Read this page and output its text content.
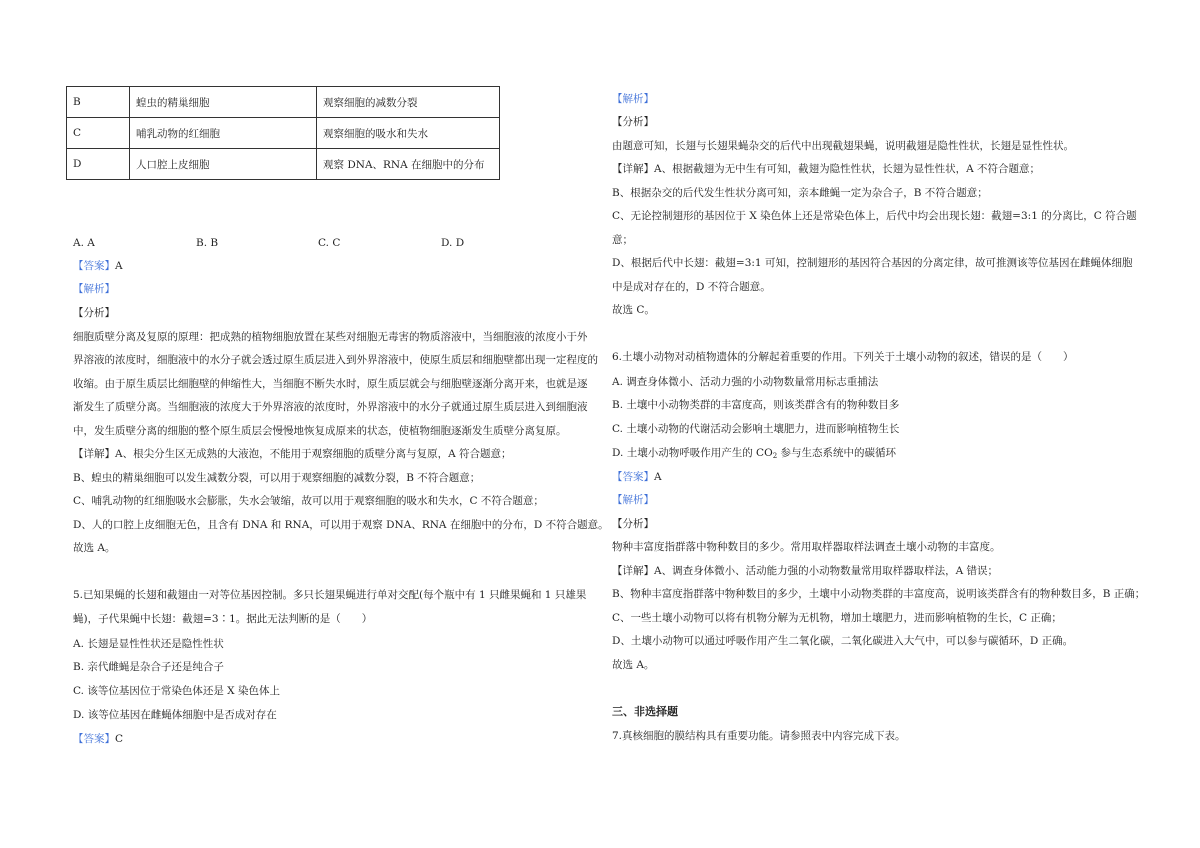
B	蝗虫的精巢细胞	观察细胞的减数分裂
C	哺乳动物的红细胞	观察细胞的吸水和失水
D	人口腔上皮细胞	观察 DNA、RNA 在细胞中的分布
A. A	B. B	C. C	D. D
【答案】A
【解析】
【分析】
细胞质壁分离及复原的原理：把成熟的植物细胞放置在某些对细胞无毒害的物质溶液中，当细胞液的浓度小于外
界溶液的浓度时，细胞液中的水分子就会透过原生质层进入到外界溶液中，使原生质层和细胞壁都出现一定程度的
收缩。由于原生质层比细胞壁的伸缩性大，当细胞不断失水时，原生质层就会与细胞壁逐渐分离开来，也就是逐
渐发生了质壁分离。当细胞液的浓度大于外界溶液的浓度时，外界溶液中的水分子就通过原生质层进入到细胞液
中，发生质壁分离的细胞的整个原生质层会慢慢地恢复成原来的状态，使植物细胞逐渐发生质壁分离复原。
【详解】A、根尖分生区无成熟的大液泡，不能用于观察细胞的质壁分离与复原，A 符合题意；
B、蝗虫的精巢细胞可以发生减数分裂，可以用于观察细胞的减数分裂，B 不符合题意；
C、哺乳动物的红细胞吸水会膨胀，失水会皱缩，故可以用于观察细胞的吸水和失水，C 不符合题意；
D、人的口腔上皮细胞无色，且含有 DNA 和 RNA，可以用于观察 DNA、RNA 在细胞中的分布，D 不符合题意。
故选 A。
5.已知果蝇的长翅和截翅由一对等位基因控制。多只长翅果蝇进行单对交配(每个瓶中有 1 只雌果蝇和 1 只雄果
蝇)，子代果蝇中长翅：截翅=3∶1。据此无法判断的是（　　）
A. 长翅是显性性状还是隐性性状
B. 亲代雌蝇是杂合子还是纯合子
C. 该等位基因位于常染色体还是 X 染色体上
D. 该等位基因在雌蝇体细胞中是否成对存在
【答案】C
【解析】
【分析】
由题意可知，长翅与长翅果蝇杂交的后代中出现截翅果蝇，说明截翅是隐性性状，长翅是显性性状。
【详解】A、根据截翅为无中生有可知，截翅为隐性性状，长翅为显性性状，A 不符合题意；
B、根据杂交的后代发生性状分离可知，亲本雌蝇一定为杂合子，B 不符合题意；
C、无论控制翅形的基因位于 X 染色体上还是常染色体上，后代中均会出现长翅：截翅=3:1 的分离比，C 符合题
意；
D、根据后代中长翅：截翅=3:1 可知，控制翅形的基因符合基因的分离定律，故可推测该等位基因在雌蝇体细胞
中是成对存在的，D 不符合题意。
故选 C。
6.土壤小动物对动植物遗体的分解起着重要的作用。下列关于土壤小动物的叙述，错误的是（　　）
A. 调查身体微小、活动力强的小动物数量常用标志重捕法
B. 土壤中小动物类群的丰富度高，则该类群含有的物种数目多
C. 土壤小动物的代谢活动会影响土壤肥力，进而影响植物生长
D. 土壤小动物呼吸作用产生的 $CO_2$ 参与生态系统中的碳循环
【答案】A
【解析】
【分析】
物种丰富度指群落中物种数目的多少。常用取样器取样法调查土壤小动物的丰富度。
【详解】A、调查身体微小、活动能力强的小动物数量常用取样器取样法，A 错误；
B、物种丰富度指群落中物种数目的多少，土壤中小动物类群的丰富度高，说明该类群含有的物种数目多，B 正确；
C、一些土壤小动物可以将有机物分解为无机物，增加土壤肥力，进而影响植物的生长，C 正确；
D、土壤小动物可以通过呼吸作用产生二氧化碳，二氧化碳进入大气中，可以参与碳循环，D 正确。
故选 A。
三、非选择题
7.真核细胞的膜结构具有重要功能。请参照表中内容完成下表。
